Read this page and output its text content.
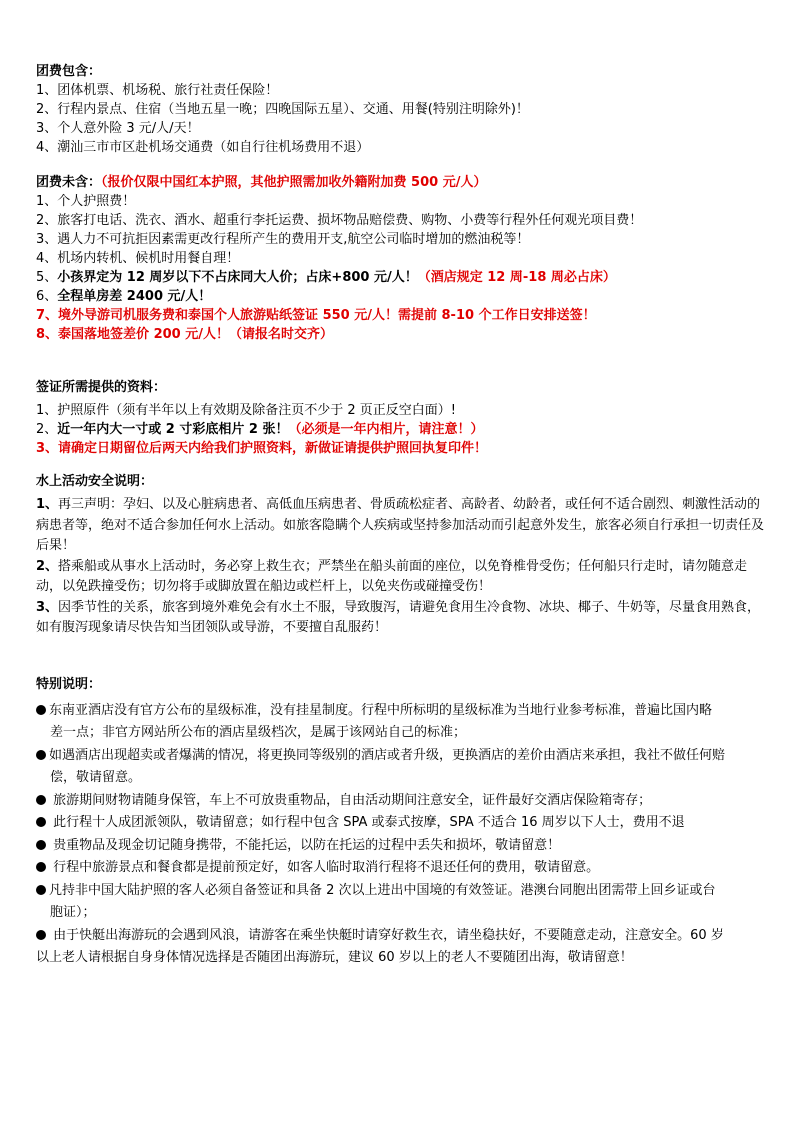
团费包含：
1、团体机票、机场税、旅行社责任保险！
2、行程内景点、住宿（当地五星一晚；四晚国际五星）、交通、用餐(特别注明除外)！
3、个人意外险 3 元/人/天！
4、潮汕三市市区赴机场交通费（如自行往机场费用不退）
团费未含：（报价仅限中国红本护照，其他护照需加收外籍附加费 500 元/人）
1、个人护照费！
2、旅客打电话、洗衣、酒水、超重行李托运费、损坏物品赔偿费、购物、小费等行程外任何观光项目费！
3、遇人力不可抗拒因素需更改行程所产生的费用开支,航空公司临时增加的燃油税等！
4、机场内转机、候机时用餐自理！
5、小孩界定为 12 周岁以下不占床同大人价；占床+800 元/人！（酒店规定 12 周-18 周必占床）
6、全程单房差 2400 元/人！
7、境外导游司机服务费和泰国个人旅游贴纸签证 550 元/人！需提前 8-10 个工作日安排送签！
8、泰国落地签差价 200 元/人！（请报名时交齐）
签证所需提供的资料：
1、护照原件（须有半年以上有效期及除备注页不少于 2 页正反空白面）!
2、近一年内大一寸或 2 寸彩底相片 2 张！（必须是一年内相片，请注意！）
3、请确定日期留位后两天内给我们护照资料，新做证请提供护照回执复印件！
水上活动安全说明：
1、再三声明：孕妇、以及心脏病患者、高低血压病患者、骨质疏松症者、高龄者、幼龄者，或任何不适合剧烈、刺激性活动的病患者等，绝对不适合参加任何水上活动。如旅客隐瞒个人疾病或坚持参加活动而引起意外发生，旅客必须自行承担一切责任及后果！
2、搭乘船或从事水上活动时，务必穿上救生衣；严禁坐在船头前面的座位，以免脊椎骨受伤；任何船只行走时，请勿随意走动，以免跌撞受伤；切勿将手或脚放置在船边或栏杆上，以免夹伤或碰撞受伤！
3、因季节性的关系，旅客到境外难免会有水土不服，导致腹泻，请避免食用生冷食物、冰块、椰子、牛奶等，尽量食用熟食，如有腹泻现象请尽快告知当团领队或导游，不要擅自乱服药！
特别说明：
东南亚酒店没有官方公布的星级标准，没有挂星制度。行程中所标明的星级标准为当地行业参考标准，普遍比国内略
差一点；非官方网站所公布的酒店星级档次，是属于该网站自己的标准；
如遇酒店出现超卖或者爆满的情况，将更换同等级别的酒店或者升级，更换酒店的差价由酒店来承担，我社不做任何赔
偿，敬请留意。
旅游期间财物请随身保管，车上不可放贵重物品，自由活动期间注意安全，证件最好交酒店保险箱寄存；
此行程十人成团派领队，敬请留意；如行程中包含 SPA 或泰式按摩，SPA 不适合 16 周岁以下人士，费用不退
贵重物品及现金切记随身携带，不能托运，以防在托运的过程中丢失和损坏，敬请留意！
行程中旅游景点和餐食都是提前预定好，如客人临时取消行程将不退还任何的费用，敬请留意。
凡持非中国大陆护照的客人必须自备签证和具备 2 次以上进出中国境的有效签证。港澳台同胞出团需带上回乡证或台
胞证）；
由于快艇出海游玩的会遇到风浪，请游客在乘坐快艇时请穿好救生衣，请坐稳扶好，不要随意走动，注意安全。60 岁
以上老人请根据自身身体情况选择是否随团出海游玩，建议 60 岁以上的老人不要随团出海，敬请留意！
